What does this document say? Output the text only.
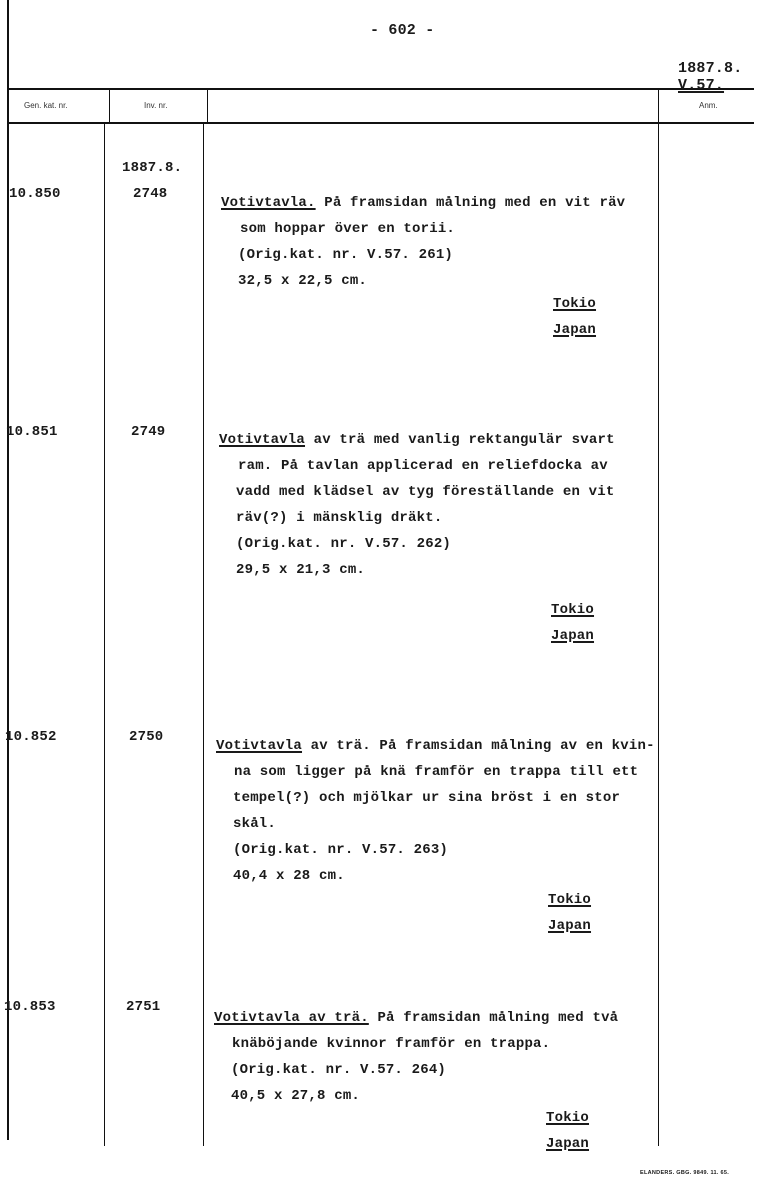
- 602 -
1887.8.
V.57.
Gen. kat. nr.	Inv. nr.	Anm.
1887.8.
10.850	2748
Votivtavla. På framsidan målning med en vit räv
som hoppar över en torii.
(Orig.kat. nr. V.57. 261)
32,5 x 22,5 cm.
Tokio
Japan
10.851	2749	Votivtavla av trä med vanlig rektangulär svart
ram. På tavlan applicerad en reliefdocka av
vadd med klädsel av tyg föreställande en vit
räv(?) i mänsklig dräkt.
(Orig.kat. nr. V.57. 262)
29,5 x 21,3 cm.
Tokio
Japan
10.852	2750
Votivtavla av trä. På framsidan målning av en kvin-
na som ligger på knä framför en trappa till ett
tempel(?) och mjölkar ur sina bröst i en stor
skål.
(Orig.kat. nr. V.57. 263)
40,4 x 28 cm.
Tokio
Japan
10.853	2751
Votivtavla av trä. På framsidan målning med två
knäböjande kvinnor framför en trappa.
(Orig.kat. nr. V.57. 264)
40,5 x 27,8 cm.
Tokio
Japan
ELANDERS. GBG. 9849. 11. 65.
